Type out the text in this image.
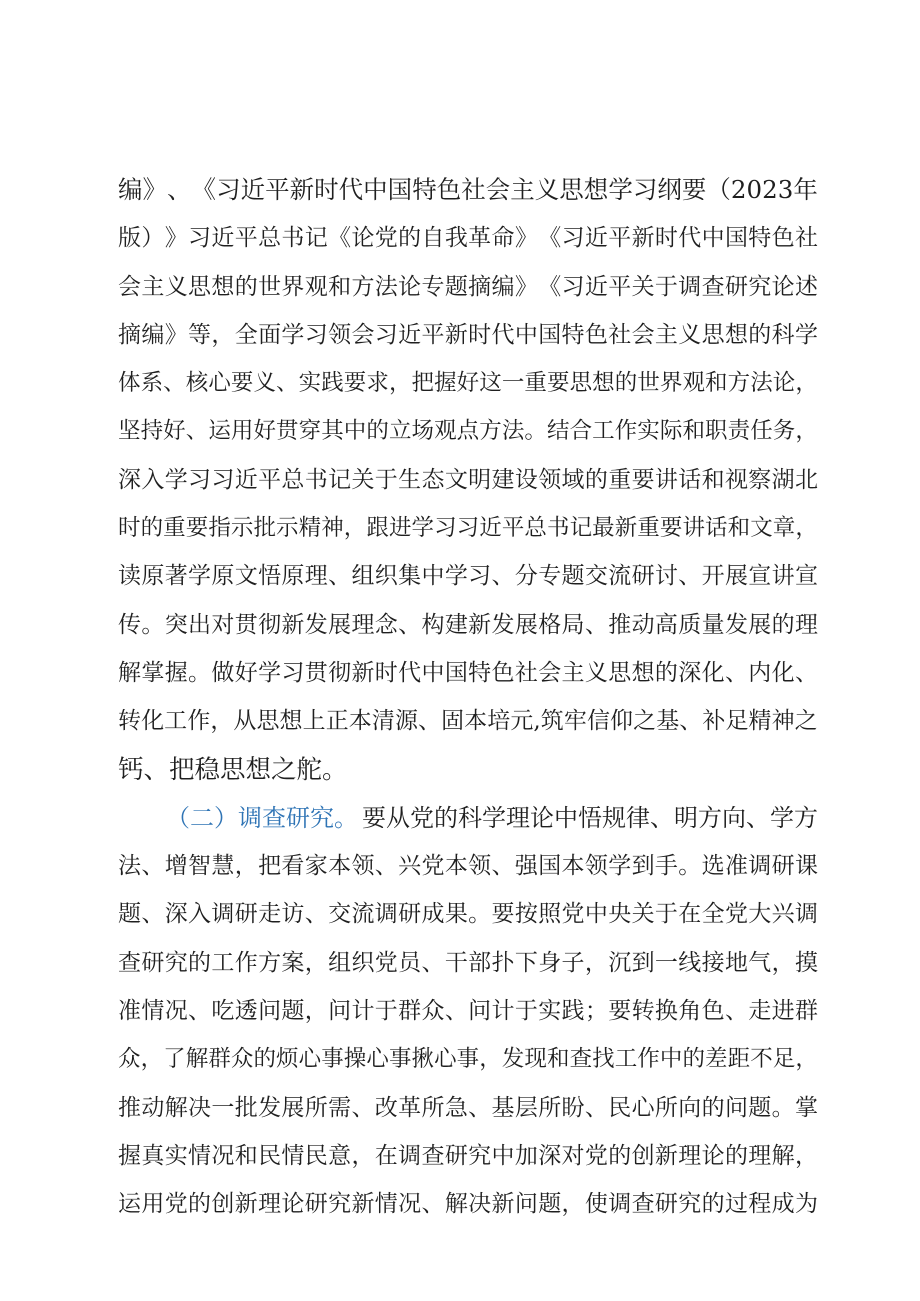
编 》 、 《 习 近 平 新 时 代 中 国 特 色 社 会 主 义 思 想 学 习 纲 要 （ 2 0 2 3 年
版 ） 》 习 近 平 总 书 记 《 论 党 的 自 我 革 命 》 《 习 近 平 新 时 代 中 国 特 色 社
会 主 义 思 想 的 世 界 观 和 方 法 论 专 题 摘 编 》 《 习 近 平 关 于 调 查 研 究 论 述
摘 编 》 等 ， 全 面 学 习 领 会 习 近 平 新 时 代 中 国 特 色 社 会 主 义 思 想 的 科 学
体 系 、 核 心 要 义 、 实 践 要 求 ， 把 握 好 这 一 重 要 思 想 的 世 界 观 和 方 法 论 ，
坚 持 好 、 运 用 好 贯 穿 其 中 的 立 场 观 点 方 法 。 结 合 工 作 实 际 和 职 责 任 务 ，
深 入 学 习 习 近 平 总 书 记 关 于 生 态 文 明 建 设 领 域 的 重 要 讲 话 和 视 察 湖 北
时 的 重 要 指 示 批 示 精 神 ， 跟 进 学 习 习 近 平 总 书 记 最 新 重 要 讲 话 和 文 章 ，
读 原 著 学 原 文 悟 原 理 、 组 织 集 中 学 习 、 分 专 题 交 流 研 讨 、 开 展 宣 讲 宣
传 。 突 出 对 贯 彻 新 发 展 理 念 、 构 建 新 发 展 格 局 、 推 动 高 质 量 发 展 的 理
解 掌 握 。 做 好 学 习 贯 彻 新 时 代 中 国 特 色 社 会 主 义 思 想 的 深 化 、 内 化 、
转 化 工 作 ， 从 思 想 上 正 本 清 源 、 固 本 培 元 , 筑 牢 信 仰 之 基 、 补 足 精 神 之
钙、把稳思想之舵。
（二）调查研究。 要从党的科学理论中悟规律、明方向、学方
法 、 增 智 慧 ， 把 看 家 本 领 、 兴 党 本 领 、 强 国 本 领 学 到 手 。 选 准 调 研 课
题 、 深 入 调 研 走 访 、 交 流 调 研 成 果 。 要 按 照 党 中 央 关 于 在 全 党 大 兴 调
查 研 究 的 工 作 方 案 ， 组 织 党 员 、 干 部 扑 下 身 子 ， 沉 到 一 线 接 地 气 ， 摸
准 情 况 、 吃 透 问 题 ， 问 计 于 群 众 、 问 计 于 实 践 ； 要 转 换 角 色 、 走 进 群
众 ， 了 解 群 众 的 烦 心 事 操 心 事 揪 心 事 ， 发 现 和 查 找 工 作 中 的 差 距 不 足 ，
推 动 解 决 一 批 发 展 所 需 、 改 革 所 急 、 基 层 所 盼 、 民 心 所 向 的 问 题 。 掌
握 真 实 情 况 和 民 情 民 意 ， 在 调 查 研 究 中 加 深 对 党 的 创 新 理 论 的 理 解 ，
运 用 党 的 创 新 理 论 研 究 新 情 况 、 解 决 新 问 题 ， 使 调 查 研 究 的 过 程 成 为
